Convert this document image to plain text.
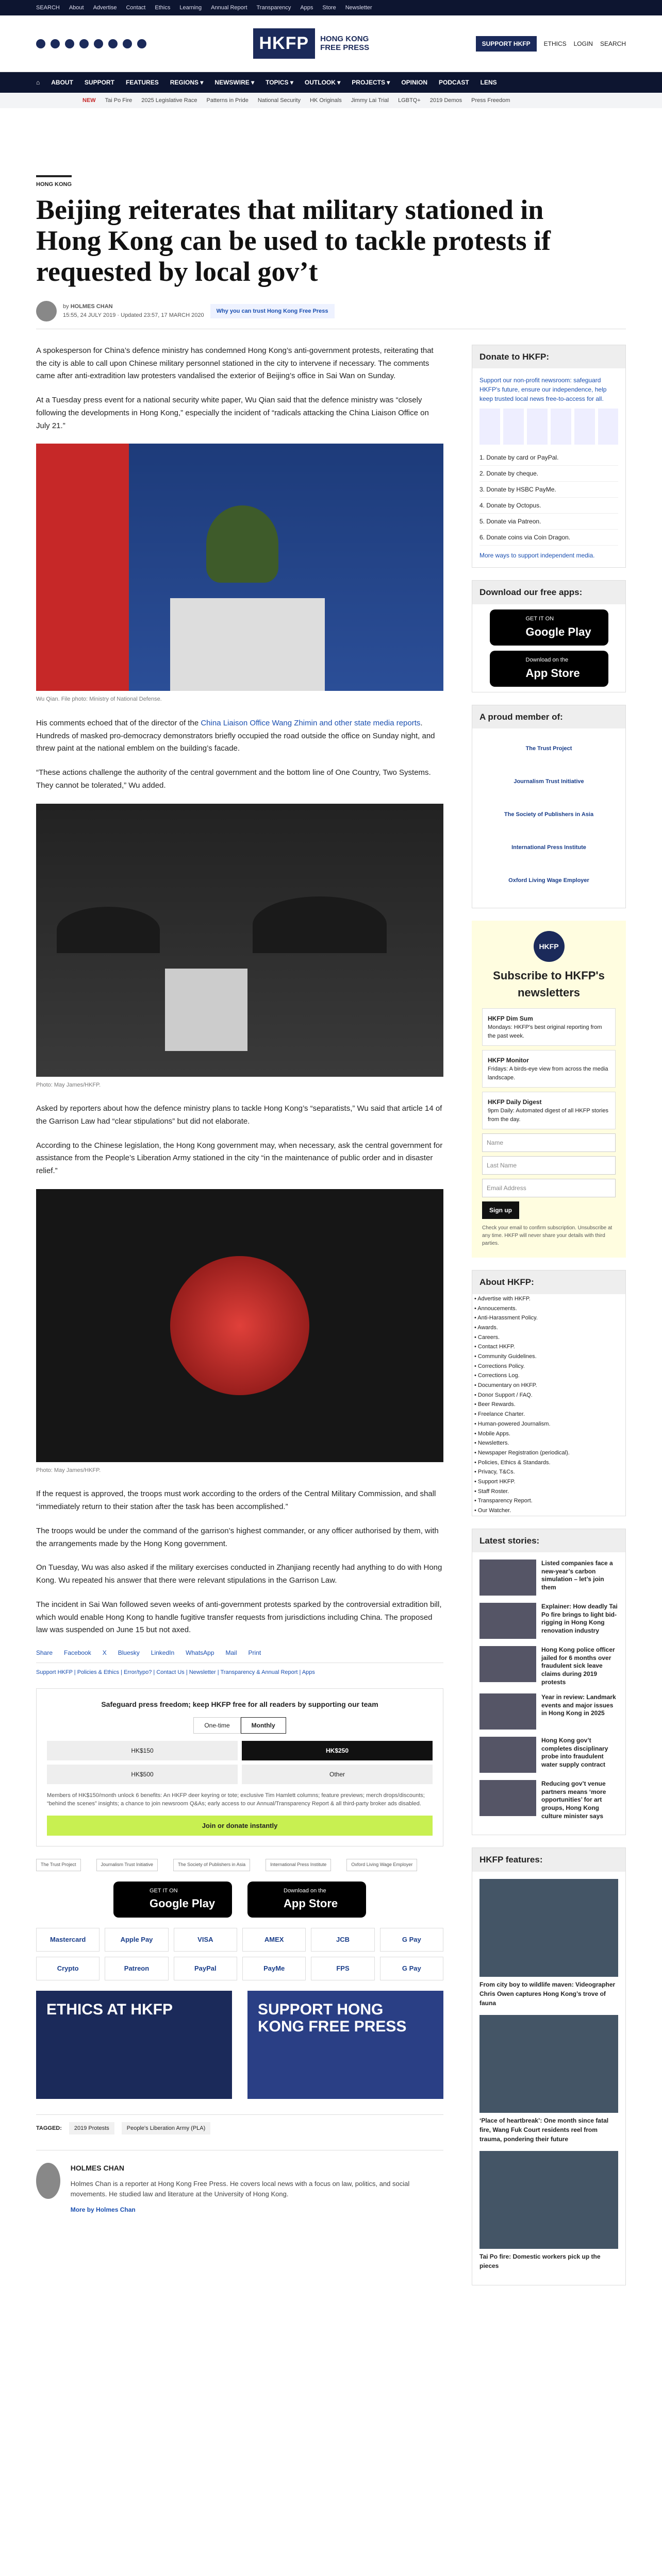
SEARCH About Advertise Contact Ethics Learning Annual Report Transparency Apps Store Newsletter
HKFP	HONG KONG
FREE PRESS	SUPPORT HKFP	ETHICS LOGIN SEARCH
⌂ ABOUT SUPPORT FEATURES REGIONS ▾ NEWSWIRE ▾ TOPICS ▾ OUTLOOK ▾ PROJECTS ▾ OPINION PODCAST LENS
NEW Tai Po Fire 2025 Legislative Race Patterns in Pride National Security HK Originals Jimmy Lai Trial LGBTQ+ 2019 Demos Press Freedom
HONG KONG
Beijing reiterates that military stationed in Hong Kong can be used to tackle protests if requested by local gov’t
by HOLMES CHAN
15:55, 24 JULY 2019 · Updated 23:57, 17 MARCH 2020
Why you can trust Hong Kong Free Press

A spokesperson for China’s defence ministry has condemned Hong Kong’s anti-government protests, reiterating that the city is able to call upon Chinese military personnel stationed in the city to intervene if necessary. The comments came after anti-extradition law protesters vandalised the exterior of Beijing’s office in Sai Wan on Sunday.

At a Tuesday press event for a national security white paper, Wu Qian said that the defence ministry was “closely following the developments in Hong Kong,” especially the incident of “radicals attacking the China Liaison Office on July 21.”

Wu Qian. File photo: Ministry of National Defense.

His comments echoed that of the director of the China Liaison Office Wang Zhimin and other state media reports. Hundreds of masked pro-democracy demonstrators briefly occupied the road outside the office on Sunday night, and threw paint at the national emblem on the building’s facade.

“These actions challenge the authority of the central government and the bottom line of One Country, Two Systems. They cannot be tolerated,” Wu added.

Photo: May James/HKFP.

Asked by reporters about how the defence ministry plans to tackle Hong Kong’s “separatists,” Wu said that article 14 of the Garrison Law had “clear stipulations” but did not elaborate.

According to the Chinese legislation, the Hong Kong government may, when necessary, ask the central government for assistance from the People’s Liberation Army stationed in the city “in the maintenance of public order and in disaster relief.”

Photo: May James/HKFP.

If the request is approved, the troops must work according to the orders of the Central Military Commission, and shall “immediately return to their station after the task has been accomplished.”

The troops would be under the command of the garrison’s highest commander, or any officer authorised by them, with the arrangements made by the Hong Kong government.

On Tuesday, Wu was also asked if the military exercises conducted in Zhanjiang recently had anything to do with Hong Kong. Wu repeated his answer that there were relevant stipulations in the Garrison Law.

The incident in Sai Wan followed seven weeks of anti-government protests sparked by the controversial extradition bill, which would enable Hong Kong to handle fugitive transfer requests from jurisdictions including China. The proposed law was suspended on June 15 but not axed.

Share Facebook X Bluesky LinkedIn WhatsApp Mail Print
Support HKFP | Policies & Ethics | Error/typo? | Contact Us | Newsletter | Transparency & Annual Report | Apps
Safeguard press freedom; keep HKFP free for all readers by supporting our team
One-time	Monthly
HK$150	HK$250
HK$500	Other
Members of HK$150/month unlock 6 benefits: An HKFP deer keyring or tote; exclusive Tim Hamlett columns; feature previews; merch drops/discounts; “behind the scenes” insights; a chance to join newsroom Q&As; early access to our Annual/Transparency Report & all third-party broker ads disabled.
Join or donate instantly
The Trust Project	Journalism Trust Initiative	The Society of Publishers in Asia	International Press Institute	Oxford Living Wage Employer
GET IT ON
Google Play
Download on the
App Store
Mastercard	Apple Pay	VISA	AMEX	JCB	G Pay
Crypto	Patreon	PayPal	PayMe	FPS	G Pay
ETHICS AT HKFP	SUPPORT HONG KONG FREE PRESS
TAGGED:	2019 Protests	People's Liberation Army (PLA)
HOLMES CHAN
Holmes Chan is a reporter at Hong Kong Free Press. He covers local news with a focus on law, politics, and social movements. He studied law and literature at the University of Hong Kong.
More by Holmes Chan
Donate to HKFP:

Support our non-profit newsroom: safeguard HKFP's future, ensure our independence, help keep trusted local news free-to-access for all.

1. Donate by card or PayPal.
2. Donate by cheque.
3. Donate by HSBC PayMe.
4. Donate by Octopus.
5. Donate via Patreon.
6. Donate coins via Coin Dragon.
More ways to support independent media.
Download our free apps:
GET IT ON
Google Play
Download on the
App Store
A proud member of:
The Trust Project
Journalism Trust Initiative
The Society of Publishers in Asia
International Press Institute
Oxford Living Wage Employer
HKFP
Subscribe to HKFP's newsletters
HKFP Dim Sum
Mondays: HKFP's best original reporting from the past week.
HKFP Monitor
Fridays: A birds-eye view from across the media landscape.
HKFP Daily Digest
9pm Daily: Automated digest of all HKFP stories from the day.
Name
Last Name
Email Address
Sign up
Check your email to confirm subscription. Unsubscribe at any time. HKFP will never share your details with third parties.
About HKFP:
• Advertise with HKFP.
• Annoucements.
• Anti-Harassment Policy.
• Awards.
• Careers.
• Contact HKFP.
• Community Guidelines.
• Corrections Policy.
• Corrections Log.
• Documentary on HKFP.
• Donor Support / FAQ.
• Beer Rewards.
• Freelance Charter.
• Human-powered Journalism.
• Mobile Apps.
• Newsletters.
• Newspaper Registration (periodical).
• Policies, Ethics & Standards.
• Privacy, T&Cs.
• Support HKFP.
• Staff Roster.
• Transparency Report.
• Our Watcher.
Latest stories:
Listed companies face a new-year’s carbon simulation – let’s join them
Explainer: How deadly Tai Po fire brings to light bid-rigging in Hong Kong renovation industry
Hong Kong police officer jailed for 6 months over fraudulent sick leave claims during 2019 protests
Year in review: Landmark events and major issues in Hong Kong in 2025
Hong Kong gov’t completes disciplinary probe into fraudulent water supply contract
Reducing gov’t venue partners means ‘more opportunities’ for art groups, Hong Kong culture minister says
HKFP features:
From city boy to wildlife maven: Videographer Chris Owen captures Hong Kong’s trove of fauna
‘Place of heartbreak’: One month since fatal fire, Wang Fuk Court residents reel from trauma, pondering their future
Tai Po fire: Domestic workers pick up the pieces
